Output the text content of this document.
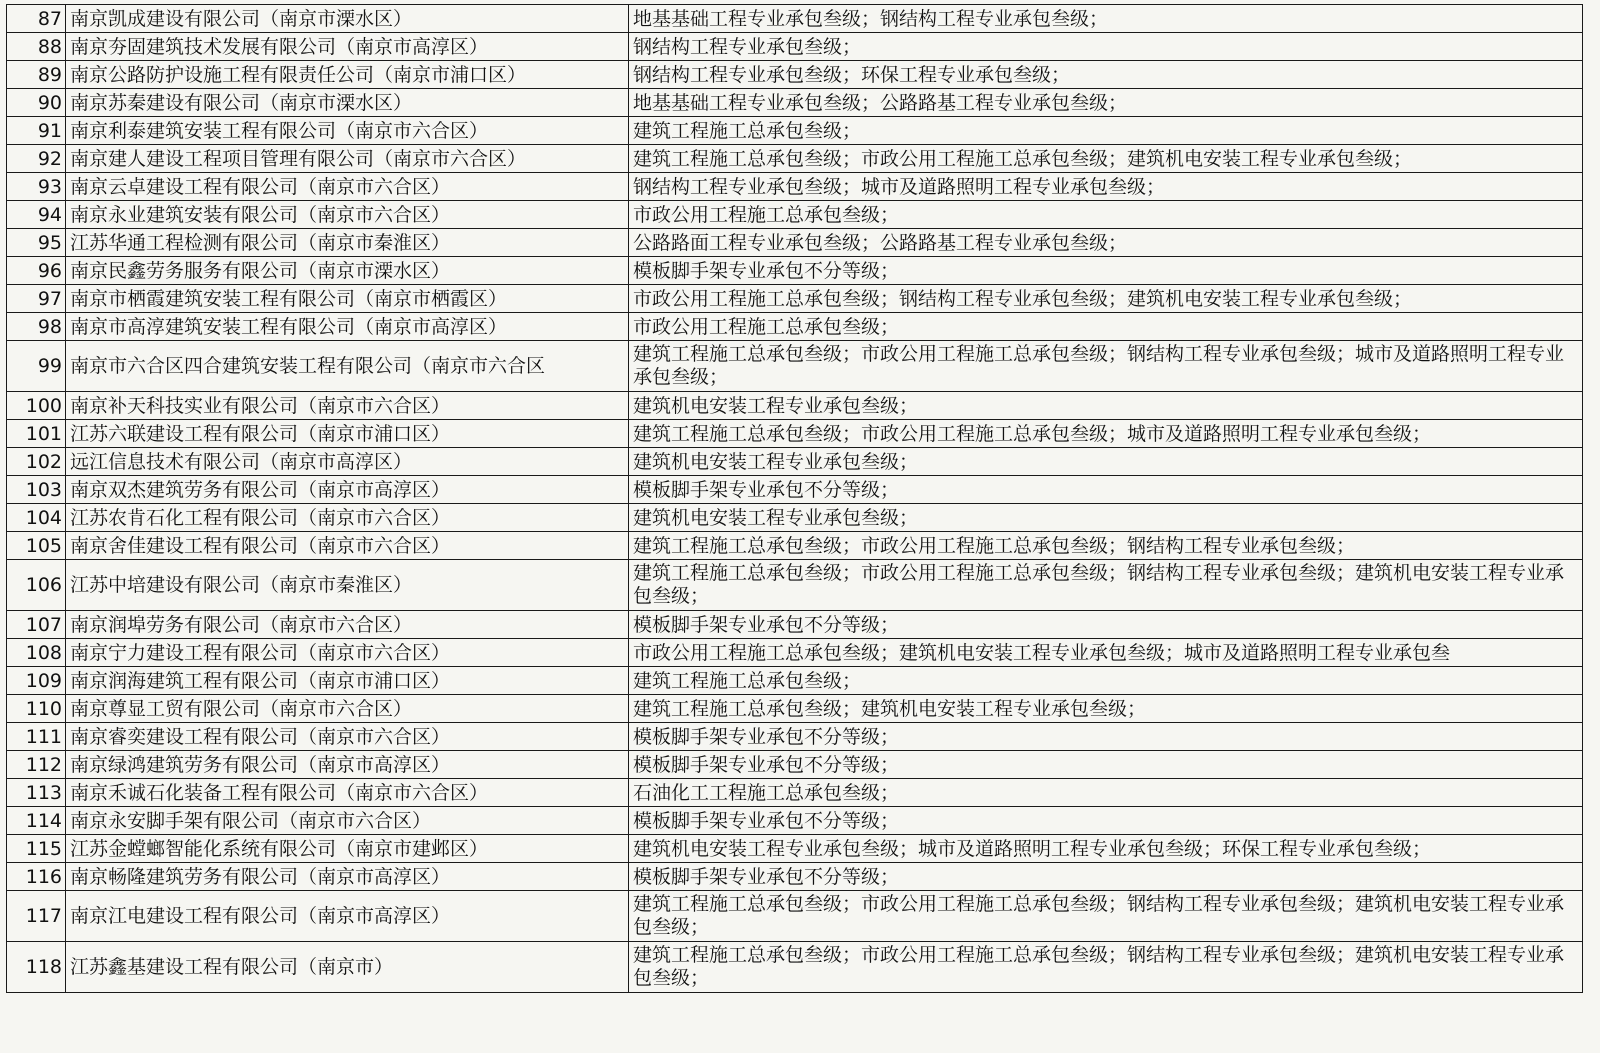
87	南京凯成建设有限公司（南京市溧水区）	地基基础工程专业承包叁级；钢结构工程专业承包叁级；
88	南京夯固建筑技术发展有限公司（南京市高淳区）	钢结构工程专业承包叁级；
89	南京公路防护设施工程有限责任公司（南京市浦口区）	钢结构工程专业承包叁级；环保工程专业承包叁级；
90	南京苏秦建设有限公司（南京市溧水区）	地基基础工程专业承包叁级；公路路基工程专业承包叁级；
91	南京利泰建筑安装工程有限公司（南京市六合区）	建筑工程施工总承包叁级；
92	南京建人建设工程项目管理有限公司（南京市六合区）	建筑工程施工总承包叁级；市政公用工程施工总承包叁级；建筑机电安装工程专业承包叁级；
93	南京云卓建设工程有限公司（南京市六合区）	钢结构工程专业承包叁级；城市及道路照明工程专业承包叁级；
94	南京永业建筑安装有限公司（南京市六合区）	市政公用工程施工总承包叁级；
95	江苏华通工程检测有限公司（南京市秦淮区）	公路路面工程专业承包叁级；公路路基工程专业承包叁级；
96	南京民鑫劳务服务有限公司（南京市溧水区）	模板脚手架专业承包不分等级；
97	南京市栖霞建筑安装工程有限公司（南京市栖霞区）	市政公用工程施工总承包叁级；钢结构工程专业承包叁级；建筑机电安装工程专业承包叁级；
98	南京市高淳建筑安装工程有限公司（南京市高淳区）	市政公用工程施工总承包叁级；
99	南京市六合区四合建筑安装工程有限公司（南京市六合区	建筑工程施工总承包叁级；市政公用工程施工总承包叁级；钢结构工程专业承包叁级；城市及道路照明工程专业承包叁级；
100	南京补天科技实业有限公司（南京市六合区）	建筑机电安装工程专业承包叁级；
101	江苏六联建设工程有限公司（南京市浦口区）	建筑工程施工总承包叁级；市政公用工程施工总承包叁级；城市及道路照明工程专业承包叁级；
102	远江信息技术有限公司（南京市高淳区）	建筑机电安装工程专业承包叁级；
103	南京双杰建筑劳务有限公司（南京市高淳区）	模板脚手架专业承包不分等级；
104	江苏农肯石化工程有限公司（南京市六合区）	建筑机电安装工程专业承包叁级；
105	南京舍佳建设工程有限公司（南京市六合区）	建筑工程施工总承包叁级；市政公用工程施工总承包叁级；钢结构工程专业承包叁级；
106	江苏中培建设有限公司（南京市秦淮区）	建筑工程施工总承包叁级；市政公用工程施工总承包叁级；钢结构工程专业承包叁级；建筑机电安装工程专业承包叁级；
107	南京润埠劳务有限公司（南京市六合区）	模板脚手架专业承包不分等级；
108	南京宁力建设工程有限公司（南京市六合区）	市政公用工程施工总承包叁级；建筑机电安装工程专业承包叁级；城市及道路照明工程专业承包叁
109	南京润海建筑工程有限公司（南京市浦口区）	建筑工程施工总承包叁级；
110	南京尊显工贸有限公司（南京市六合区）	建筑工程施工总承包叁级；建筑机电安装工程专业承包叁级；
111	南京睿奕建设工程有限公司（南京市六合区）	模板脚手架专业承包不分等级；
112	南京绿鸿建筑劳务有限公司（南京市高淳区）	模板脚手架专业承包不分等级；
113	南京禾诚石化装备工程有限公司（南京市六合区）	石油化工工程施工总承包叁级；
114	南京永安脚手架有限公司（南京市六合区）	模板脚手架专业承包不分等级；
115	江苏金螳螂智能化系统有限公司（南京市建邺区）	建筑机电安装工程专业承包叁级；城市及道路照明工程专业承包叁级；环保工程专业承包叁级；
116	南京畅隆建筑劳务有限公司（南京市高淳区）	模板脚手架专业承包不分等级；
117	南京江电建设工程有限公司（南京市高淳区）	建筑工程施工总承包叁级；市政公用工程施工总承包叁级；钢结构工程专业承包叁级；建筑机电安装工程专业承包叁级；
118	江苏鑫基建设工程有限公司（南京市）	建筑工程施工总承包叁级；市政公用工程施工总承包叁级；钢结构工程专业承包叁级；建筑机电安装工程专业承包叁级；
